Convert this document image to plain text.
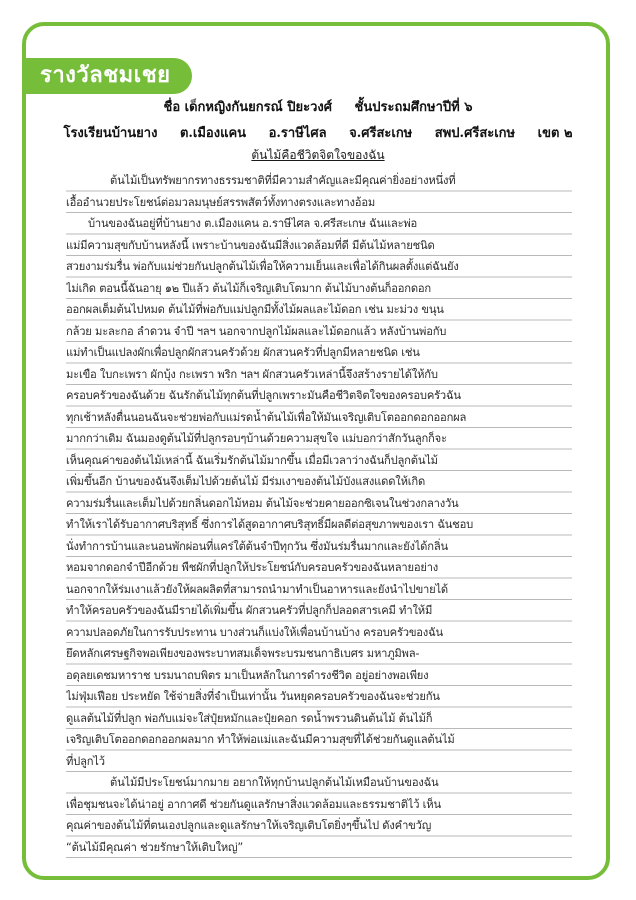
รางวัลชมเชย
ชื่อ เด็กหญิงกันยกรณ์ ปิยะวงศ์ ชั้นประถมศึกษาปีที่ ๖
โรงเรียนบ้านยาง ต.เมืองแคน อ.ราษีไศล จ.ศรีสะเกษ สพป.ศรีสะเกษ เขต ๒
ต้นไม้คือชีวิตจิตใจของฉัน
ต้นไม้เป็นทรัพยากรทางธรรมชาติที่มีความสำคัญและมีคุณค่ายิ่งอย่างหนึ่งที่
เอื้ออำนวยประโยชน์ต่อมวลมนุษย์สรรพสัตว์ทั้งทางตรงและทางอ้อม
บ้านของฉันอยู่ที่บ้านยาง ต.เมืองแคน อ.ราษีไศล จ.ศรีสะเกษ ฉันและพ่อ
แม่มีความสุขกับบ้านหลังนี้ เพราะบ้านของฉันมีสิ่งแวดล้อมที่ดี มีต้นไม้หลายชนิด
สวยงามร่มรื่น พ่อกับแม่ช่วยกันปลูกต้นไม้เพื่อให้ความเย็นและเพื่อได้กินผลตั้งแต่ฉันยัง
ไม่เกิด ตอนนี้ฉันอายุ ๑๒ ปีแล้ว ต้นไม้ก็เจริญเติบโตมาก ต้นไม้บางต้นก็ออกดอก
ออกผลเต็มต้นไปหมด ต้นไม้ที่พ่อกับแม่ปลูกมีทั้งไม้ผลและไม้ดอก เช่น มะม่วง ขนุน
กล้วย มะละกอ ลำดวน จำปี ฯลฯ นอกจากปลูกไม้ผลและไม้ดอกแล้ว หลังบ้านพ่อกับ
แม่ทำเป็นแปลงผักเพื่อปลูกผักสวนครัวด้วย ผักสวนครัวที่ปลูกมีหลายชนิด เช่น
มะเขือ ใบกะเพรา ผักบุ้ง กะเพรา พริก ฯลฯ ผักสวนครัวเหล่านี้จึงสร้างรายได้ให้กับ
ครอบครัวของฉันด้วย ฉันรักต้นไม้ทุกต้นที่ปลูกเพราะมันคือชีวิตจิตใจของครอบครัวฉัน
ทุกเช้าหลังตื่นนอนฉันจะช่วยพ่อกับแม่รดน้ำต้นไม้เพื่อให้มันเจริญเติบโตออกดอกออกผล
มากกว่าเดิม ฉันมองดูต้นไม้ที่ปลูกรอบๆบ้านด้วยความสุขใจ แม่บอกว่าสักวันลูกก็จะ
เห็นคุณค่าของต้นไม้เหล่านี้ ฉันเริ่มรักต้นไม้มากขึ้น เมื่อมีเวลาว่างฉันก็ปลูกต้นไม้
เพิ่มขึ้นอีก บ้านของฉันจึงเต็มไปด้วยต้นไม้ มีร่มเงาของต้นไม้บังแสงแดดให้เกิด
ความร่มรื่นและเต็มไปด้วยกลิ่นดอกไม้หอม ต้นไม้จะช่วยคายออกซิเจนในช่วงกลางวัน
ทำให้เราได้รับอากาศบริสุทธิ์ ซึ่งการได้สูดอากาศบริสุทธิ์มีผลดีต่อสุขภาพของเรา ฉันชอบ
นั่งทำการบ้านและนอนพักผ่อนที่แคร่ใต้ต้นจำปีทุกวัน ซึ่งมันร่มรื่นมากและยังได้กลิ่น
หอมจากดอกจำปีอีกด้วย พืชผักที่ปลูกให้ประโยชน์กับครอบครัวของฉันหลายอย่าง
นอกจากให้ร่มเงาแล้วยังให้ผลผลิตที่สามารถนำมาทำเป็นอาหารและยังนำไปขายได้
ทำให้ครอบครัวของฉันมีรายได้เพิ่มขึ้น ผักสวนครัวที่ปลูกก็ปลอดสารเคมี ทำให้มี
ความปลอดภัยในการรับประทาน บางส่วนก็แบ่งให้เพื่อนบ้านบ้าง ครอบครัวของฉัน
ยึดหลักเศรษฐกิจพอเพียงของพระบาทสมเด็จพระบรมชนกาธิเบศร มหาภูมิพล-
อดุลยเดชมหาราช บรมนาถบพิตร มาเป็นหลักในการดำรงชีวิต อยู่อย่างพอเพียง
ไม่ฟุ่มเฟือย ประหยัด ใช้จ่ายสิ่งที่จำเป็นเท่านั้น วันหยุดครอบครัวของฉันจะช่วยกัน
ดูแลต้นไม้ที่ปลูก พ่อกับแม่จะใส่ปุ๋ยหมักและปุ๋ยคอก รดน้ำพรวนดินต้นไม้ ต้นไม้ก็
เจริญเติบโตออกดอกออกผลมาก ทำให้พ่อแม่และฉันมีความสุขที่ได้ช่วยกันดูแลต้นไม้
ที่ปลูกไว้
ต้นไม้มีประโยชน์มากมาย อยากให้ทุกบ้านปลูกต้นไม้เหมือนบ้านของฉัน
เพื่อชุมชนจะได้น่าอยู่ อากาศดี ช่วยกันดูแลรักษาสิ่งแวดล้อมและธรรมชาติไว้ เห็น
คุณค่าของต้นไม้ที่ตนเองปลูกและดูแลรักษาให้เจริญเติบโตยิ่งๆขึ้นไป ดังคำขวัญ
“ต้นไม้มีคุณค่า ช่วยรักษาให้เติบใหญ่”
